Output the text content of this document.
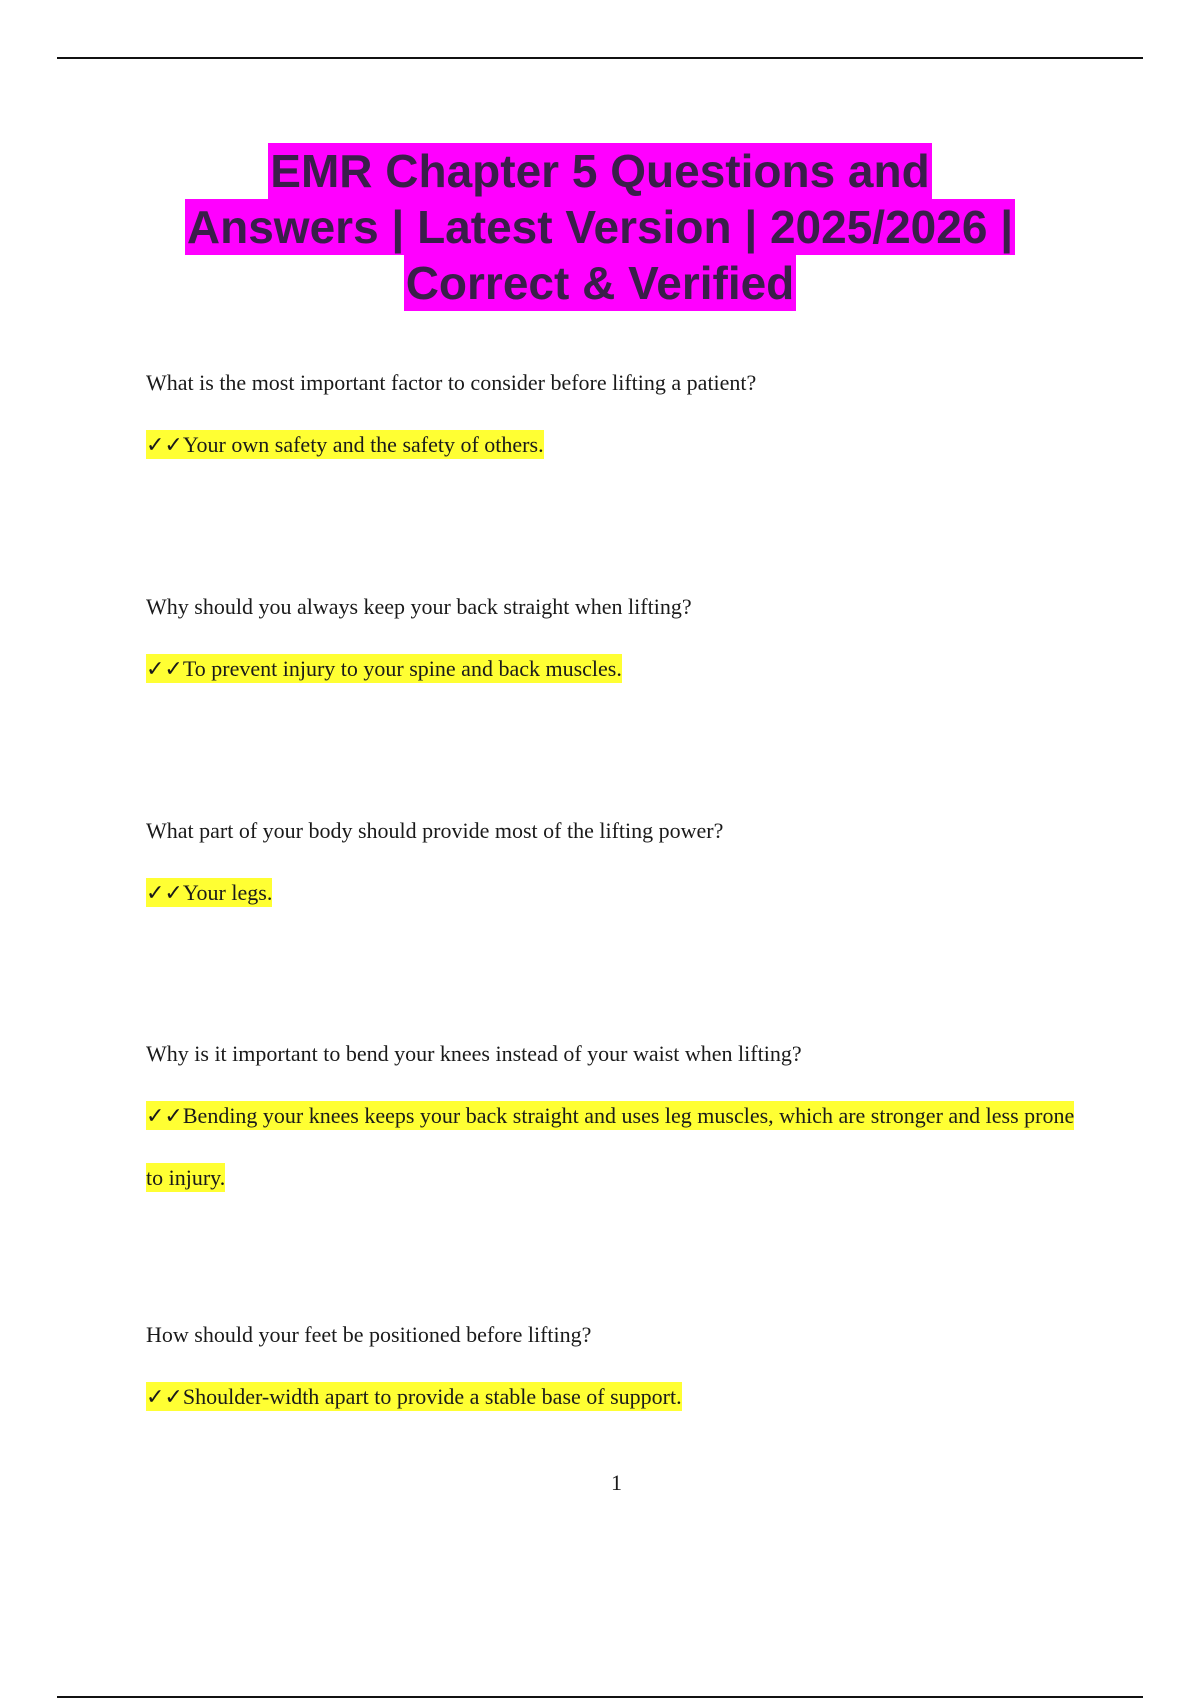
EMR Chapter 5 Questions and
Answers | Latest Version | 2025/2026 |
Correct & Verified
What is the most important factor to consider before lifting a patient?
✓✓Your own safety and the safety of others.
Why should you always keep your back straight when lifting?
✓✓To prevent injury to your spine and back muscles.
What part of your body should provide most of the lifting power?
✓✓Your legs.
Why is it important to bend your knees instead of your waist when lifting?
✓✓Bending your knees keeps your back straight and uses leg muscles, which are stronger and less prone to injury.
How should your feet be positioned before lifting?
✓✓Shoulder-width apart to provide a stable base of support.
1
